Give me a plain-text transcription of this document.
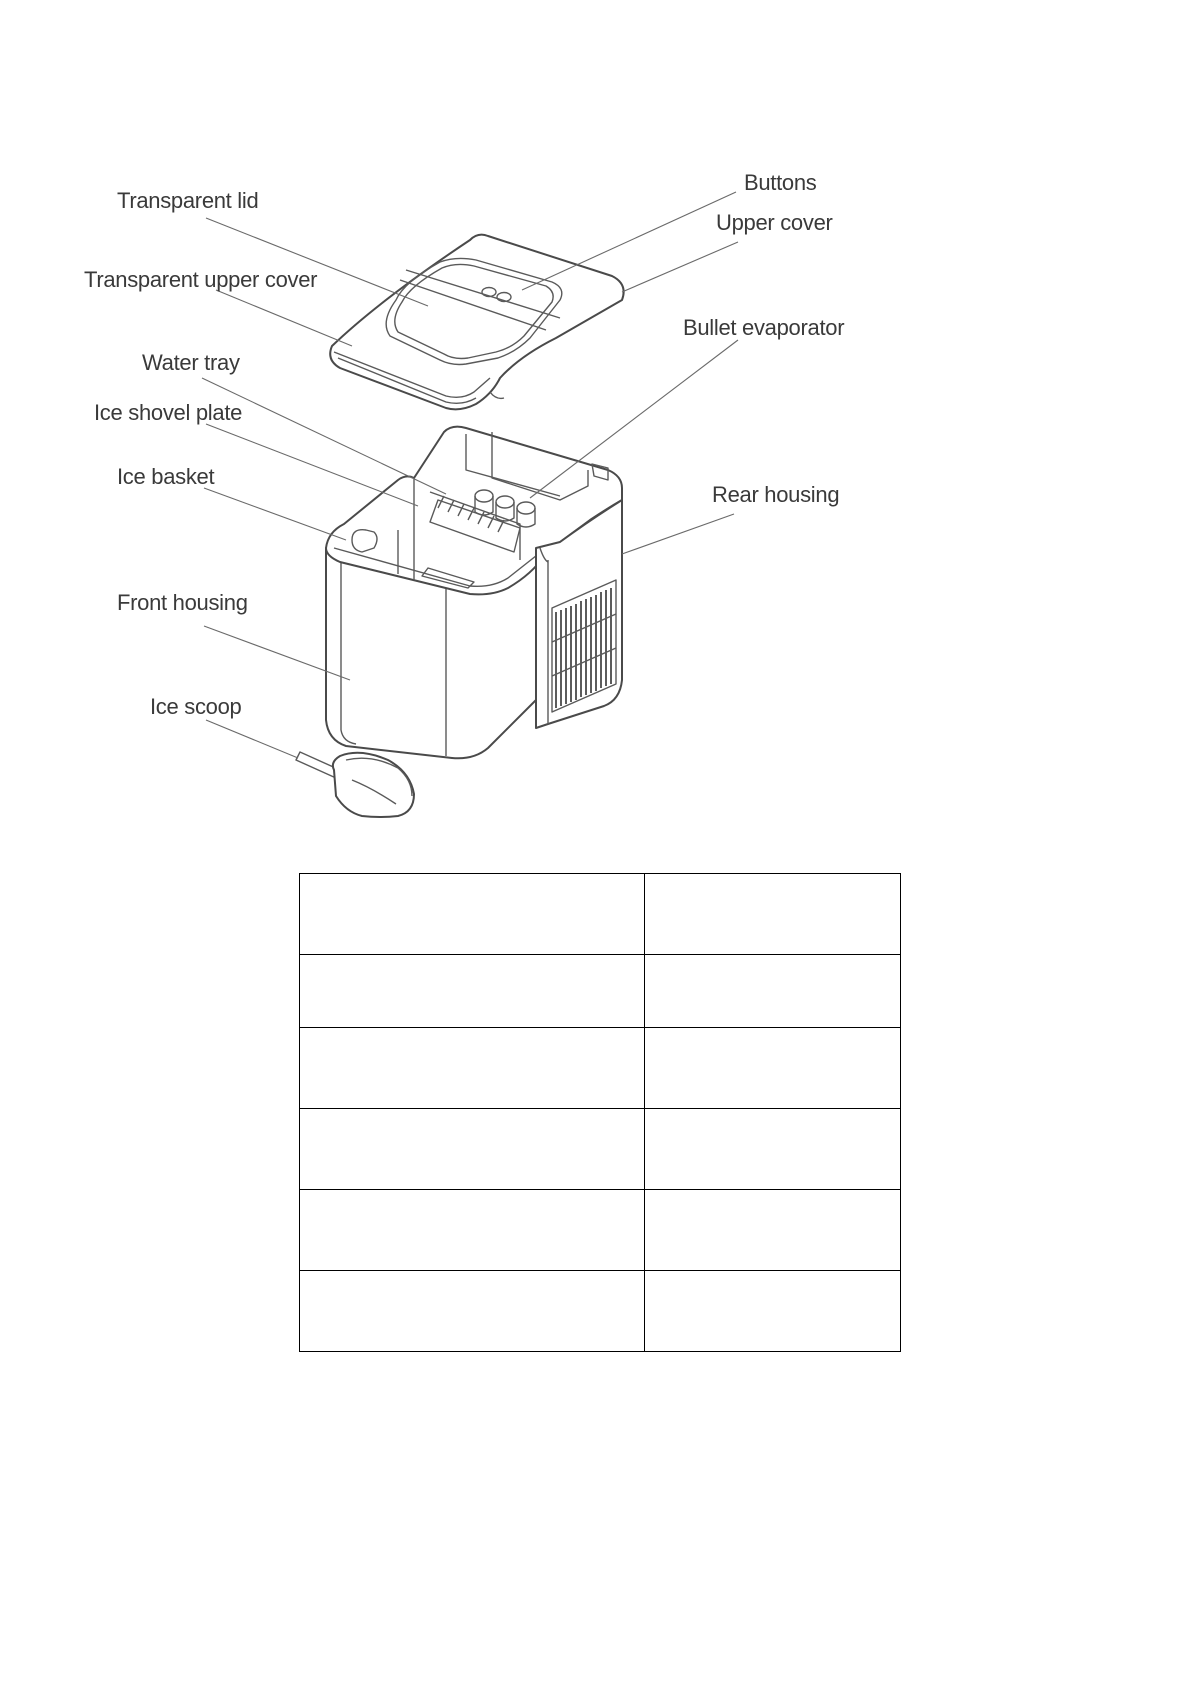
Transparent lid
Transparent upper cover
Water tray
Ice shovel plate
Ice basket
Front housing
Ice scoop
Buttons
Upper cover
Bullet evaporator
Rear housing
